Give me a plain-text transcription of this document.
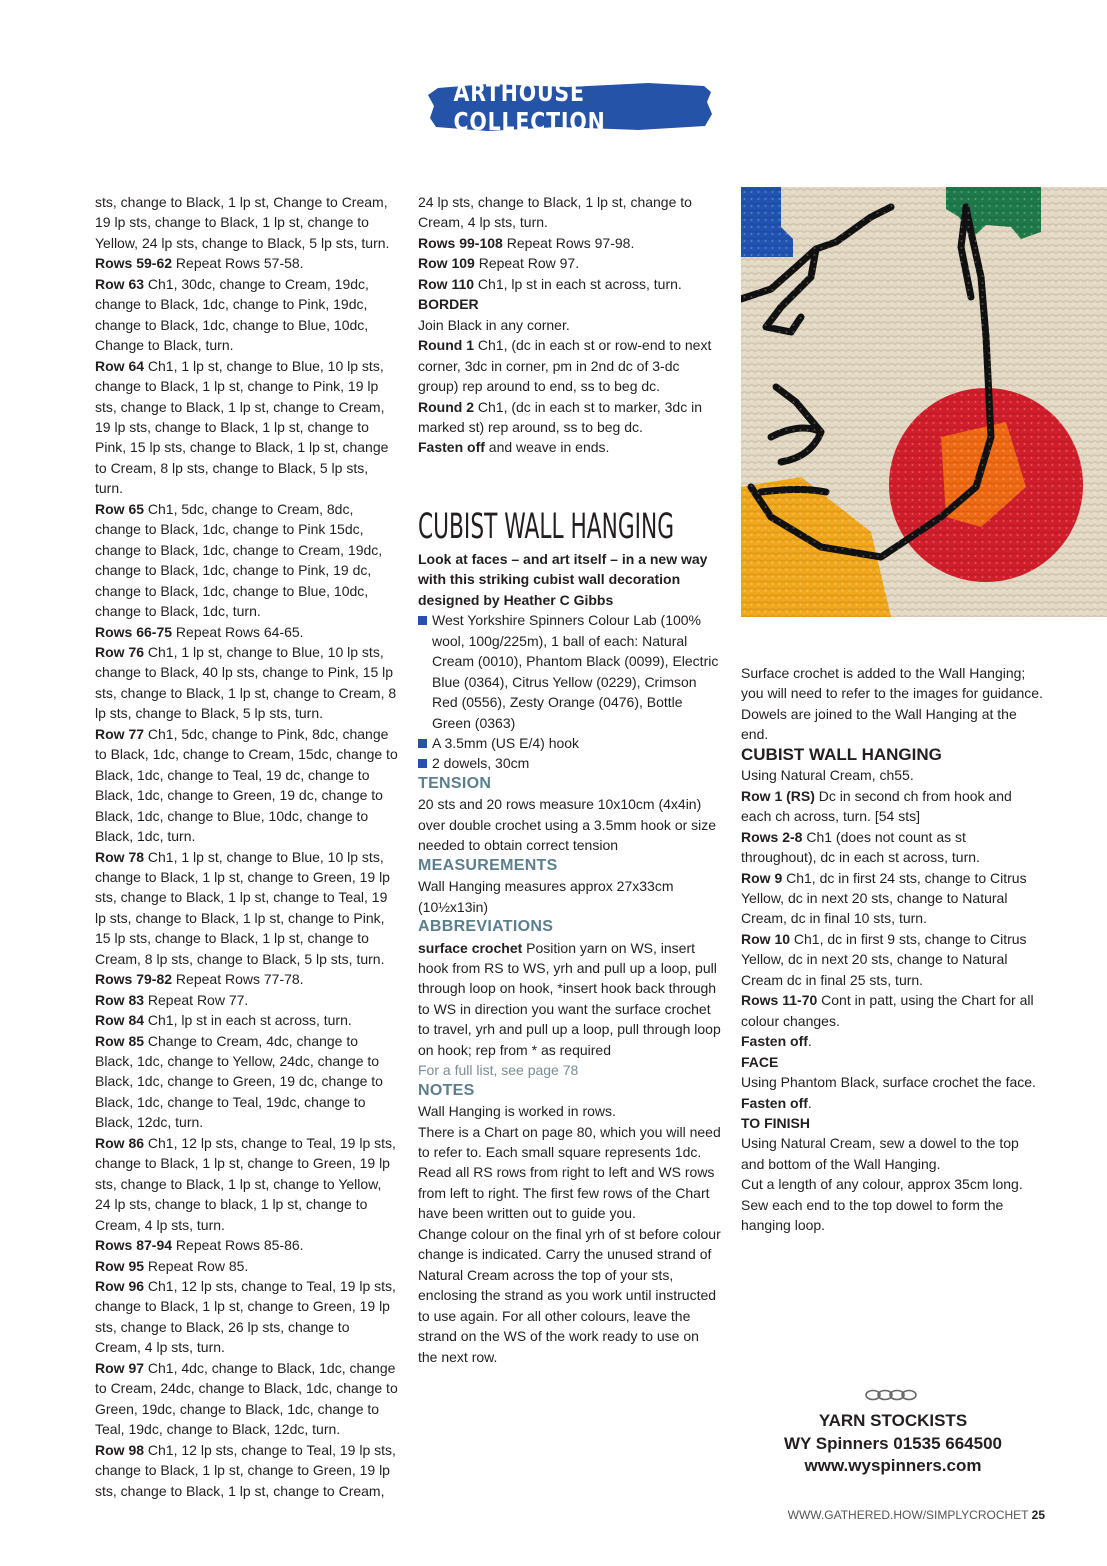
ARTHOUSE COLLECTION

sts, change to Black, 1 lp st, Change to Cream, 19 lp sts, change to Black, 1 lp st, change to Yellow, 24 lp sts, change to Black, 5 lp sts, turn.

Rows 59-62 Repeat Rows 57-58.

Row 63 Ch1, 30dc, change to Cream, 19dc, change to Black, 1dc, change to Pink, 19dc, change to Black, 1dc, change to Blue, 10dc, Change to Black, turn.

Row 64 Ch1, 1 lp st, change to Blue, 10 lp sts, change to Black, 1 lp st, change to Pink, 19 lp sts, change to Black, 1 lp st, change to Cream, 19 lp sts, change to Black, 1 lp st, change to Pink, 15 lp sts, change to Black, 1 lp st, change to Cream, 8 lp sts, change to Black, 5 lp sts, turn.

Row 65 Ch1, 5dc, change to Cream, 8dc, change to Black, 1dc, change to Pink 15dc, change to Black, 1dc, change to Cream, 19dc, change to Black, 1dc, change to Pink, 19 dc, change to Black, 1dc, change to Blue, 10dc, change to Black, 1dc, turn.

Rows 66-75 Repeat Rows 64-65.

Row 76 Ch1, 1 lp st, change to Blue, 10 lp sts, change to Black, 40 lp sts, change to Pink, 15 lp sts, change to Black, 1 lp st, change to Cream, 8 lp sts, change to Black, 5 lp sts, turn.

Row 77 Ch1, 5dc, change to Pink, 8dc, change to Black, 1dc, change to Cream, 15dc, change to Black, 1dc, change to Teal, 19 dc, change to Black, 1dc, change to Green, 19 dc, change to Black, 1dc, change to Blue, 10dc, change to Black, 1dc, turn.

Row 78 Ch1, 1 lp st, change to Blue, 10 lp sts, change to Black, 1 lp st, change to Green, 19 lp sts, change to Black, 1 lp st, change to Teal, 19 lp sts, change to Black, 1 lp st, change to Pink, 15 lp sts, change to Black, 1 lp st, change to Cream, 8 lp sts, change to Black, 5 lp sts, turn.

Rows 79-82 Repeat Rows 77-78.

Row 83 Repeat Row 77.

Row 84 Ch1, lp st in each st across, turn.

Row 85 Change to Cream, 4dc, change to Black, 1dc, change to Yellow, 24dc, change to Black, 1dc, change to Green, 19 dc, change to Black, 1dc, change to Teal, 19dc, change to Black, 12dc, turn.

Row 86 Ch1, 12 lp sts, change to Teal, 19 lp sts, change to Black, 1 lp st, change to Green, 19 lp sts, change to Black, 1 lp st, change to Yellow, 24 lp sts, change to black, 1 lp st, change to Cream, 4 lp sts, turn.

Rows 87-94 Repeat Rows 85-86.

Row 95 Repeat Row 85.

Row 96 Ch1, 12 lp sts, change to Teal, 19 lp sts, change to Black, 1 lp st, change to Green, 19 lp sts, change to Black, 26 lp sts, change to Cream, 4 lp sts, turn.

Row 97 Ch1, 4dc, change to Black, 1dc, change to Cream, 24dc, change to Black, 1dc, change to Green, 19dc, change to Black, 1dc, change to Teal, 19dc, change to Black, 12dc, turn.

Row 98 Ch1, 12 lp sts, change to Teal, 19 lp sts, change to Black, 1 lp st, change to Green, 19 lp sts, change to Black, 1 lp st, change to Cream,

24 lp sts, change to Black, 1 lp st, change to Cream, 4 lp sts, turn.

Rows 99-108 Repeat Rows 97-98.

Row 109 Repeat Row 97.

Row 110 Ch1, lp st in each st across, turn.

BORDER

Join Black in any corner.

Round 1 Ch1, (dc in each st or row-end to next corner, 3dc in corner, pm in 2nd dc of 3-dc group) rep around to end, ss to beg dc.

Round 2 Ch1, (dc in each st to marker, 3dc in marked st) rep around, ss to beg dc.

Fasten off and weave in ends.

CUBIST WALL HANGING

Look at faces – and art itself – in a new way with this striking cubist wall decoration designed by Heather C Gibbs

West Yorkshire Spinners Colour Lab (100% wool, 100g/225m), 1 ball of each: Natural Cream (0010), Phantom Black (0099), Electric Blue (0364), Citrus Yellow (0229), Crimson Red (0556), Zesty Orange (0476), Bottle Green (0363)

A 3.5mm (US E/4) hook

2 dowels, 30cm

TENSION

20 sts and 20 rows measure 10x10cm (4x4in) over double crochet using a 3.5mm hook or size needed to obtain correct tension

MEASUREMENTS

Wall Hanging measures approx 27x33cm (10½x13in)

ABBREVIATIONS

surface crochet Position yarn on WS, insert hook from RS to WS, yrh and pull up a loop, pull through loop on hook, *insert hook back through to WS in direction you want the surface crochet to travel, yrh and pull up a loop, pull through loop on hook; rep from * as required

For a full list, see page 78

NOTES

Wall Hanging is worked in rows.

There is a Chart on page 80, which you will need to refer to. Each small square represents 1dc. Read all RS rows from right to left and WS rows from left to right. The first few rows of the Chart have been written out to guide you.

Change colour on the final yrh of st before colour change is indicated. Carry the unused strand of Natural Cream across the top of your sts, enclosing the strand as you work until instructed to use again. For all other colours, leave the strand on the WS of the work ready to use on the next row.

Surface crochet is added to the Wall Hanging; you will need to refer to the images for guidance.

Dowels are joined to the Wall Hanging at the end.

CUBIST WALL HANGING

Using Natural Cream, ch55.

Row 1 (RS) Dc in second ch from hook and each ch across, turn. [54 sts]

Rows 2-8 Ch1 (does not count as st throughout), dc in each st across, turn.

Row 9 Ch1, dc in first 24 sts, change to Citrus Yellow, dc in next 20 sts, change to Natural Cream, dc in final 10 sts, turn.

Row 10 Ch1, dc in first 9 sts, change to Citrus Yellow, dc in next 20 sts, change to Natural Cream dc in final 25 sts, turn.

Rows 11-70 Cont in patt, using the Chart for all colour changes.

Fasten off.

FACE

Using Phantom Black, surface crochet the face.

Fasten off.

TO FINISH

Using Natural Cream, sew a dowel to the top and bottom of the Wall Hanging.

Cut a length of any colour, approx 35cm long. Sew each end to the top dowel to form the hanging loop.

YARN STOCKISTS
WY Spinners 01535 664500
www.wyspinners.com
WWW.GATHERED.HOW/SIMPLYCROCHET 25
